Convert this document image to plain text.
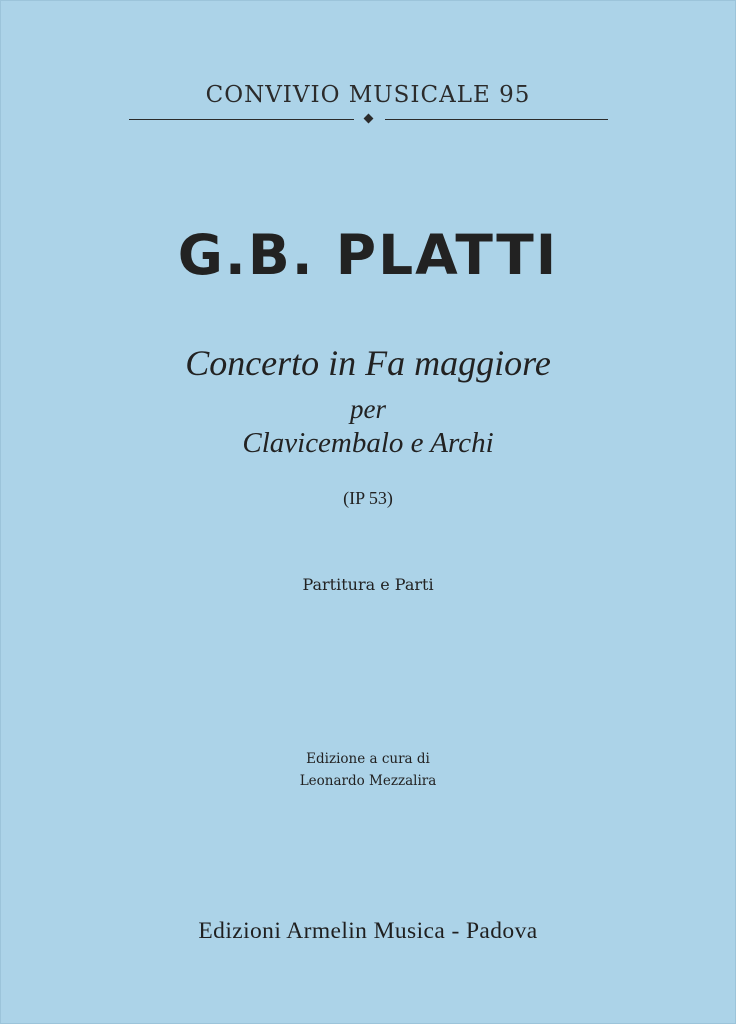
CONVIVIO MUSICALE 95
G.B. PLATTI
Concerto in Fa maggiore
per
Clavicembalo e Archi
(IP 53)
Partitura e Parti
Edizione a cura di
Leonardo Mezzalira
Edizioni Armelin Musica - Padova
